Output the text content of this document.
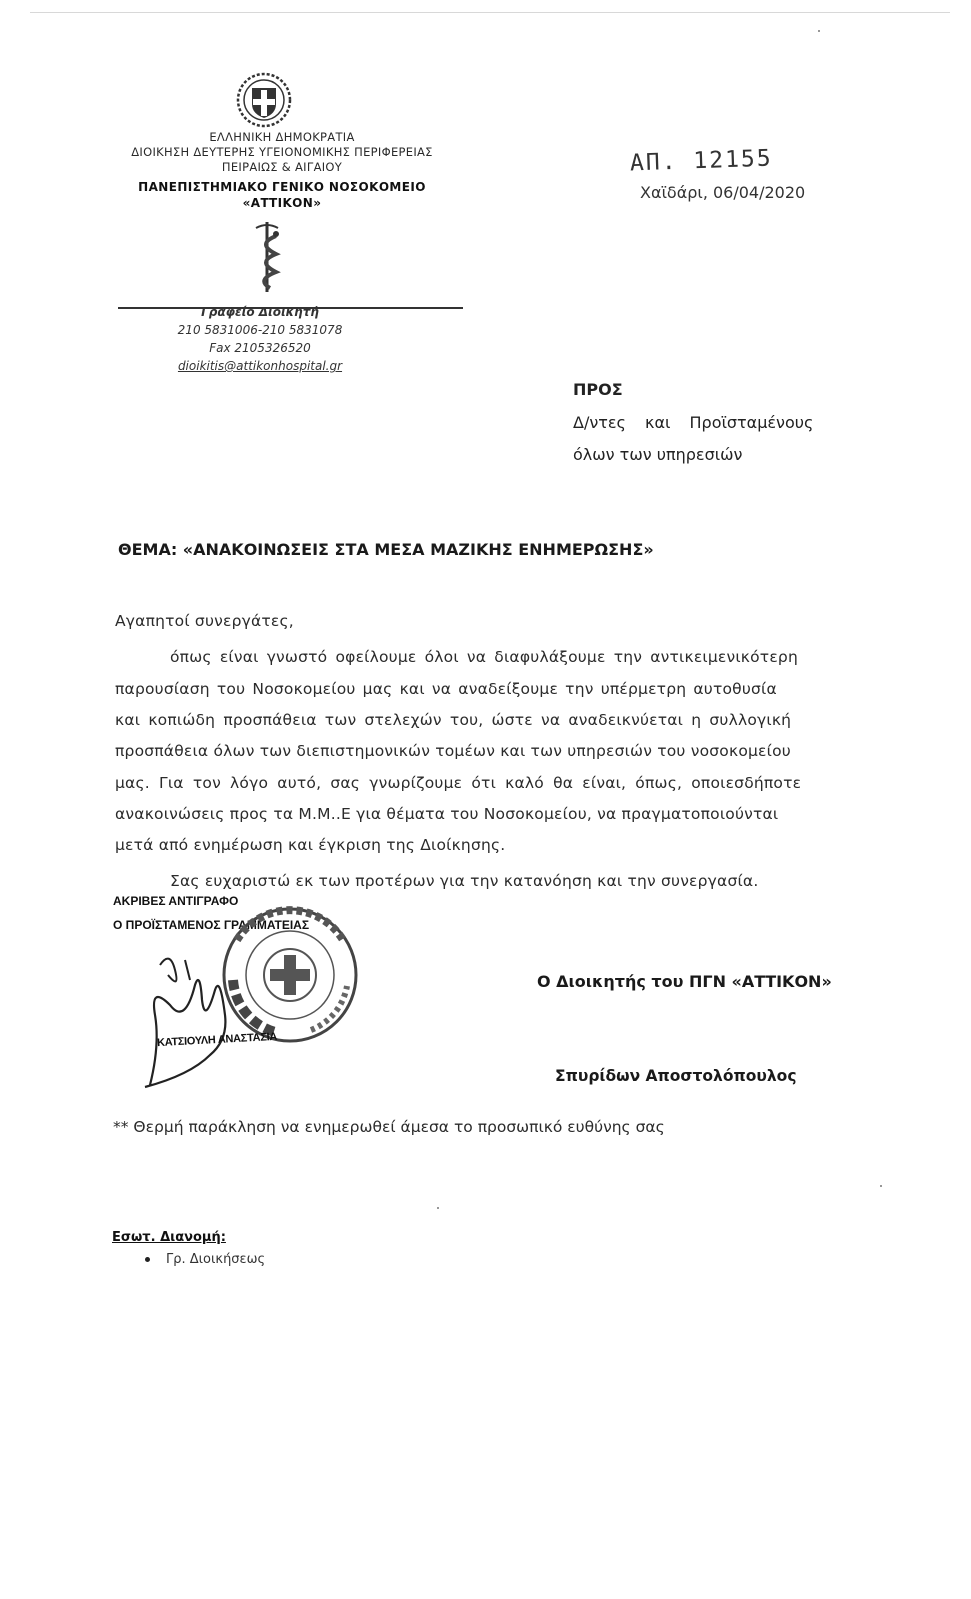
ΕΛΛΗΝΙΚΗ ΔΗΜΟΚΡΑΤΙΑ
ΔΙΟΙΚΗΣΗ ΔΕΥΤΕΡΗΣ ΥΓΕΙΟΝΟΜΙΚΗΣ ΠΕΡΙΦΕΡΕΙΑΣ
ΠΕΙΡΑΙΩΣ & ΑΙΓΑΙΟΥ
ΠΑΝΕΠΙΣΤΗΜΙΑΚΟ ΓΕΝΙΚΟ ΝΟΣΟΚΟΜΕΙΟ
«ΑΤΤΙΚΟΝ»
Γραφείο Διοικητή
210 5831006-210 5831078
Fax 2105326520
dioikitis@attikonhospital.gr
ΑΠ. 12155
Χαϊδάρι, 06/04/2020
ΠΡΟΣ
Δ/ντες και Προϊσταμένους
όλων των υπηρεσιών
ΘΕΜΑ: «ΑΝΑΚΟΙΝΩΣΕΙΣ ΣΤΑ ΜΕΣΑ ΜΑΖΙΚΗΣ ΕΝΗΜΕΡΩΣΗΣ»
Αγαπητοί συνεργάτες,
όπως είναι γνωστό οφείλουμε όλοι να διαφυλάξουμε την αντικειμενικότερη
παρουσίαση του Νοσοκομείου μας και να αναδείξουμε την υπέρμετρη αυτοθυσία
και κοπιώδη προσπάθεια των στελεχών του, ώστε να αναδεικνύεται η συλλογική
προσπάθεια όλων των διεπιστημονικών τομέων και των υπηρεσιών του νοσοκομείου
μας. Για τον λόγο αυτό, σας γνωρίζουμε ότι καλό θα είναι, όπως, οποιεσδήποτε
ανακοινώσεις προς τα Μ.Μ..Ε για θέματα του Νοσοκομείου, να πραγματοποιούνται
μετά από ενημέρωση και έγκριση της Διοίκησης.
Σας ευχαριστώ εκ των προτέρων για την κατανόηση και την συνεργασία.
ΑΚΡΙΒΕΣ ΑΝΤΙΓΡΑΦΟ
Ο ΠΡΟΪΣΤΑΜΕΝΟΣ ΓΡΑΜΜΑΤΕΙΑΣ
ΚΑΤΣΙΟΥΛΗ ΑΝΑΣΤΑΣΙΑ
Ο Διοικητής του ΠΓΝ «ΑΤΤΙΚΟΝ»
Σπυρίδων Αποστολόπουλος
** Θερμή παράκληση να ενημερωθεί άμεσα το προσωπικό ευθύνης σας
Εσωτ. Διανομή:
Γρ. Διοικήσεως
